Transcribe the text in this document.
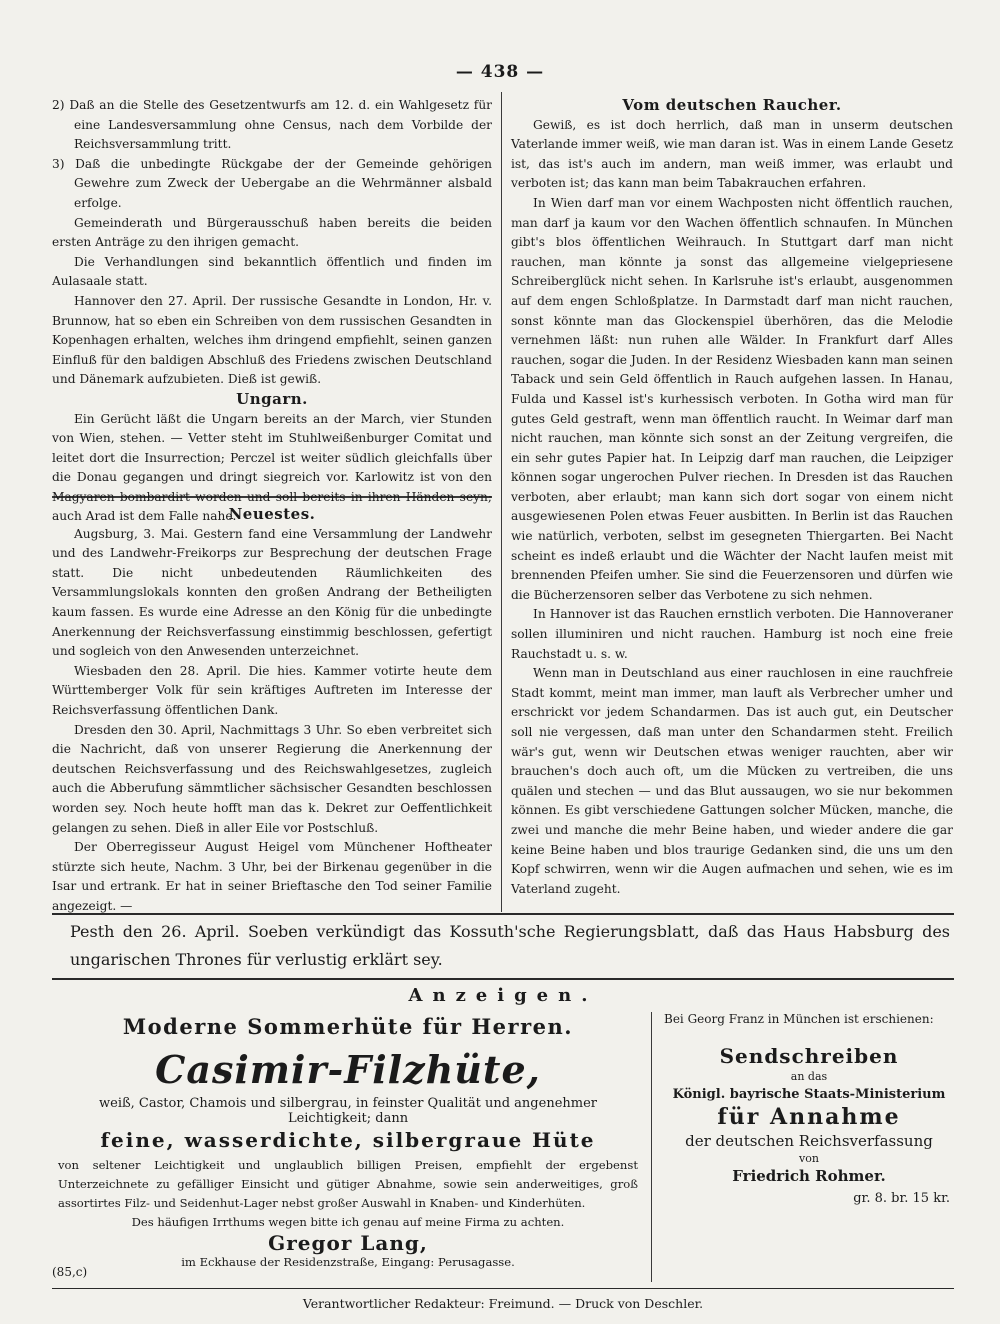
— 438 —

2) Daß an die Stelle des Gesetzentwurfs am 12. d. ein Wahlgesetz für eine Landesversammlung ohne Census, nach dem Vorbilde der Reichsversammlung tritt.

3) Daß die unbedingte Rückgabe der der Gemeinde gehörigen Gewehre zum Zweck der Uebergabe an die Wehrmänner alsbald erfolge.

Gemeinderath und Bürgerausschuß haben bereits die beiden ersten Anträge zu den ihrigen gemacht.

Die Verhandlungen sind bekanntlich öffentlich und finden im Aulasaale statt.

Hannover den 27. April. Der russische Gesandte in London, Hr. v. Brunnow, hat so eben ein Schreiben von dem russischen Gesandten in Kopenhagen erhalten, welches ihm dringend empfiehlt, seinen ganzen Einfluß für den baldigen Abschluß des Friedens zwischen Deutschland und Dänemark aufzubieten. Dieß ist gewiß.

Ungarn.

Ein Gerücht läßt die Ungarn bereits an der March, vier Stunden von Wien, stehen. — Vetter steht im Stuhlweißenburger Comitat und leitet dort die Insurrection; Perczel ist weiter südlich gleichfalls über die Donau gegangen und dringt siegreich vor. Karlowitz ist von den Magyaren bombardirt worden und soll bereits in ihren Händen seyn; auch Arad ist dem Falle nahe.

Neuestes.

Augsburg, 3. Mai. Gestern fand eine Versammlung der Landwehr und des Landwehr-Freikorps zur Besprechung der deutschen Frage statt. Die nicht unbedeutenden Räumlichkeiten des Versammlungslokals konnten den großen Andrang der Betheiligten kaum fassen. Es wurde eine Adresse an den König für die unbedingte Anerkennung der Reichsverfassung einstimmig beschlossen, gefertigt und sogleich von den Anwesenden unterzeichnet.

Wiesbaden den 28. April. Die hies. Kammer votirte heute dem Württemberger Volk für sein kräftiges Auftreten im Interesse der Reichsverfassung öffentlichen Dank.

Dresden den 30. April, Nachmittags 3 Uhr. So eben verbreitet sich die Nachricht, daß von unserer Regierung die Anerkennung der deutschen Reichsverfassung und des Reichswahlgesetzes, zugleich auch die Abberufung sämmtlicher sächsischer Gesandten beschlossen worden sey. Noch heute hofft man das k. Dekret zur Oeffentlichkeit gelangen zu sehen. Dieß in aller Eile vor Postschluß.

Der Oberregisseur August Heigel vom Münchener Hoftheater stürzte sich heute, Nachm. 3 Uhr, bei der Birkenau gegenüber in die Isar und ertrank. Er hat in seiner Brieftasche den Tod seiner Familie angezeigt. —

Vom deutschen Raucher.

Gewiß, es ist doch herrlich, daß man in unserm deutschen Vaterlande immer weiß, wie man daran ist. Was in einem Lande Gesetz ist, das ist's auch im andern, man weiß immer, was erlaubt und verboten ist; das kann man beim Tabakrauchen erfahren.

In Wien darf man vor einem Wachposten nicht öffentlich rauchen, man darf ja kaum vor den Wachen öffentlich schnaufen. In München gibt's blos öffentlichen Weihrauch. In Stuttgart darf man nicht rauchen, man könnte ja sonst das allgemeine vielgepriesene Schreiberglück nicht sehen. In Karlsruhe ist's erlaubt, ausgenommen auf dem engen Schloßplatze. In Darmstadt darf man nicht rauchen, sonst könnte man das Glockenspiel überhören, das die Melodie vernehmen läßt: nun ruhen alle Wälder. In Frankfurt darf Alles rauchen, sogar die Juden. In der Residenz Wiesbaden kann man seinen Taback und sein Geld öffentlich in Rauch aufgehen lassen. In Hanau, Fulda und Kassel ist's kurhessisch verboten. In Gotha wird man für gutes Geld gestraft, wenn man öffentlich raucht. In Weimar darf man nicht rauchen, man könnte sich sonst an der Zeitung vergreifen, die ein sehr gutes Papier hat. In Leipzig darf man rauchen, die Leipziger können sogar ungerochen Pulver riechen. In Dresden ist das Rauchen verboten, aber erlaubt; man kann sich dort sogar von einem nicht ausgewiesenen Polen etwas Feuer ausbitten. In Berlin ist das Rauchen wie natürlich, verboten, selbst im gesegneten Thiergarten. Bei Nacht scheint es indeß erlaubt und die Wächter der Nacht laufen meist mit brennenden Pfeifen umher. Sie sind die Feuerzensoren und dürfen wie die Bücherzensoren selber das Verbotene zu sich nehmen.

In Hannover ist das Rauchen ernstlich verboten. Die Hannoveraner sollen illuminiren und nicht rauchen. Hamburg ist noch eine freie Rauchstadt u. s. w.

Wenn man in Deutschland aus einer rauchlosen in eine rauchfreie Stadt kommt, meint man immer, man lauft als Verbrecher umher und erschrickt vor jedem Schandarmen. Das ist auch gut, ein Deutscher soll nie vergessen, daß man unter den Schandarmen steht. Freilich wär's gut, wenn wir Deutschen etwas weniger rauchten, aber wir brauchen's doch auch oft, um die Mücken zu vertreiben, die uns quälen und stechen — und das Blut aussaugen, wo sie nur bekommen können. Es gibt verschiedene Gattungen solcher Mücken, manche, die zwei und manche die mehr Beine haben, und wieder andere die gar keine Beine haben und blos traurige Gedanken sind, die uns um den Kopf schwirren, wenn wir die Augen aufmachen und sehen, wie es im Vaterland zugeht.

Pesth den 26. April. Soeben verkündigt das Kossuth'sche Regierungsblatt, daß das Haus Habsburg des ungarischen Thrones für verlustig erklärt sey.
Anzeigen.
Moderne Sommerhüte für Herren.
Casimir-Filzhüte,
weiß, Castor, Chamois und silbergrau, in feinster Qualität und angenehmer
Leichtigkeit; dann
feine, wasserdichte, silbergraue Hüte
von seltener Leichtigkeit und unglaublich billigen Preisen, empfiehlt der ergebenst Unterzeichnete zu gefälliger Einsicht und gütiger Abnahme, sowie sein anderweitiges, groß assortirtes Filz- und Seidenhut-Lager nebst großer Auswahl in Knaben- und Kinderhüten.
Des häufigen Irrthums wegen bitte ich genau auf meine Firma zu achten.
Gregor Lang,
im Eckhause der Residenzstraße, Eingang: Perusagasse.
(85,c)
Bei Georg Franz in München ist erschienen:
Sendschreiben
an das
Königl. bayrische Staats-Ministerium
für Annahme
der deutschen Reichsverfassung
von
Friedrich Rohmer.
gr. 8. br. 15 kr.
Verantwortlicher Redakteur: Freimund. — Druck von Deschler.
